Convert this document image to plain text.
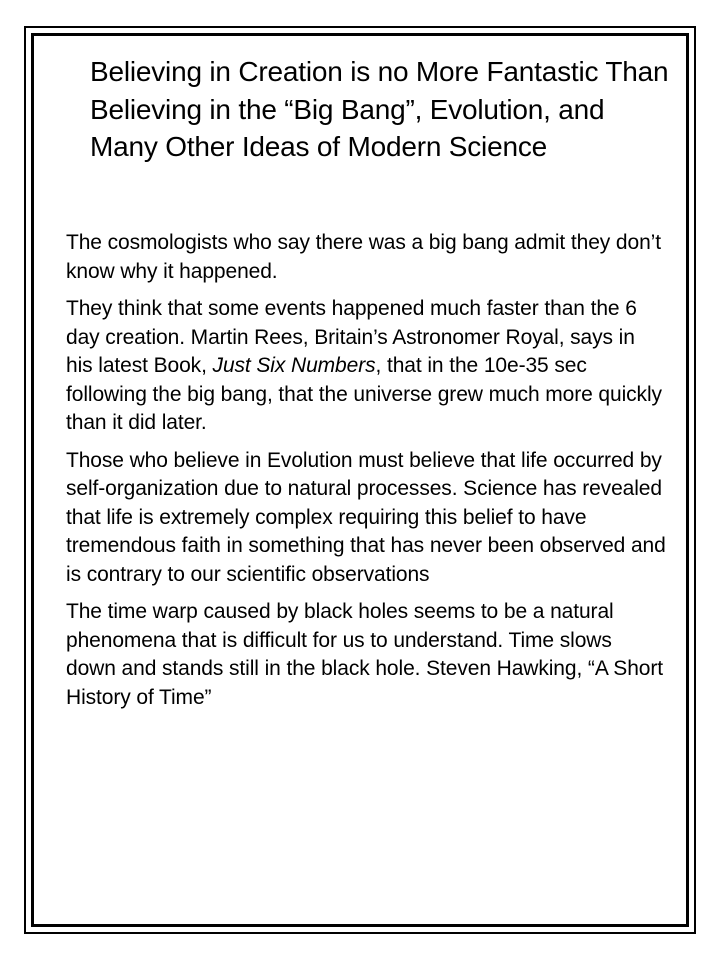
Believing in Creation is no More Fantastic Than Believing in the “Big Bang”, Evolution, and Many Other Ideas of Modern Science

The cosmologists who say there was a big bang admit they don’t know why it happened.

They think that some events happened much faster than the 6 day creation. Martin Rees, Britain’s Astronomer Royal, says in his latest Book, Just Six Numbers, that in the 10e-35 sec following the big bang, that the universe grew much more quickly than it did later.

Those who believe in Evolution must believe that life occurred by self-organization due to natural processes. Science has revealed that life is extremely complex requiring this belief to have tremendous faith in something that has never been observed and is contrary to our scientific observations

The time warp caused by black holes seems to be a natural phenomena that is difficult for us to understand. Time slows down and stands still in the black hole. Steven Hawking, “A Short History of Time”
